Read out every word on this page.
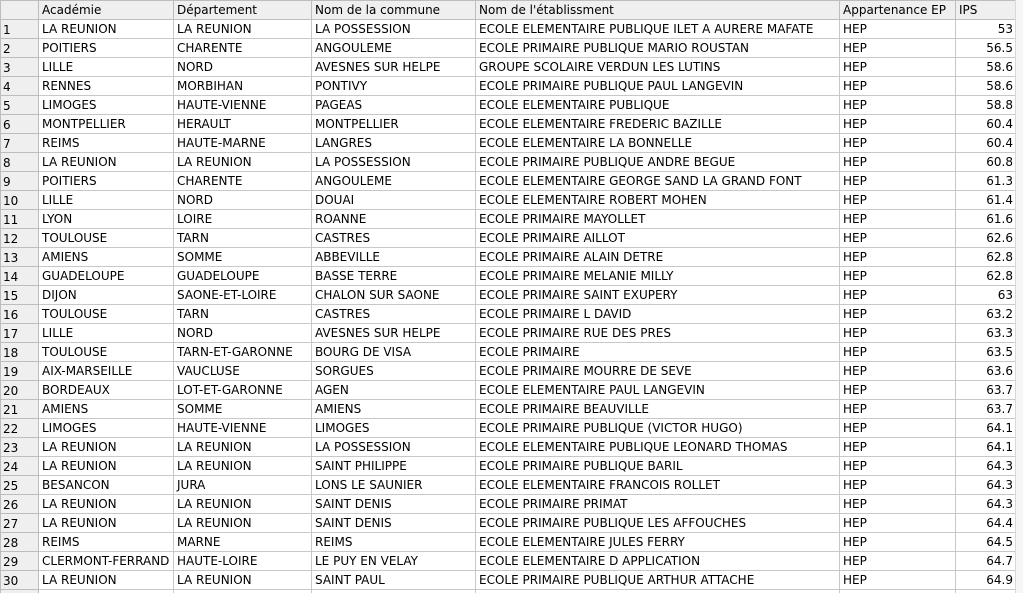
	Académie	Département	Nom de la commune	Nom de l'établissment	Appartenance EP	IPS
1	LA REUNION	LA REUNION	LA POSSESSION	ECOLE ELEMENTAIRE PUBLIQUE ILET A AURERE MAFATE	HEP	53
2	POITIERS	CHARENTE	ANGOULEME	ECOLE PRIMAIRE PUBLIQUE MARIO ROUSTAN	HEP	56.5
3	LILLE	NORD	AVESNES SUR HELPE	GROUPE SCOLAIRE VERDUN LES LUTINS	HEP	58.6
4	RENNES	MORBIHAN	PONTIVY	ECOLE PRIMAIRE PUBLIQUE PAUL LANGEVIN	HEP	58.6
5	LIMOGES	HAUTE-VIENNE	PAGEAS	ECOLE ELEMENTAIRE PUBLIQUE	HEP	58.8
6	MONTPELLIER	HERAULT	MONTPELLIER	ECOLE ELEMENTAIRE FREDERIC BAZILLE	HEP	60.4
7	REIMS	HAUTE-MARNE	LANGRES	ECOLE ELEMENTAIRE LA BONNELLE	HEP	60.4
8	LA REUNION	LA REUNION	LA POSSESSION	ECOLE PRIMAIRE PUBLIQUE ANDRE BEGUE	HEP	60.8
9	POITIERS	CHARENTE	ANGOULEME	ECOLE ELEMENTAIRE GEORGE SAND LA GRAND FONT	HEP	61.3
10	LILLE	NORD	DOUAI	ECOLE ELEMENTAIRE ROBERT MOHEN	HEP	61.4
11	LYON	LOIRE	ROANNE	ECOLE PRIMAIRE MAYOLLET	HEP	61.6
12	TOULOUSE	TARN	CASTRES	ECOLE PRIMAIRE AILLOT	HEP	62.6
13	AMIENS	SOMME	ABBEVILLE	ECOLE PRIMAIRE ALAIN DETRE	HEP	62.8
14	GUADELOUPE	GUADELOUPE	BASSE TERRE	ECOLE PRIMAIRE MELANIE MILLY	HEP	62.8
15	DIJON	SAONE-ET-LOIRE	CHALON SUR SAONE	ECOLE PRIMAIRE SAINT EXUPERY	HEP	63
16	TOULOUSE	TARN	CASTRES	ECOLE PRIMAIRE L DAVID	HEP	63.2
17	LILLE	NORD	AVESNES SUR HELPE	ECOLE PRIMAIRE RUE DES PRES	HEP	63.3
18	TOULOUSE	TARN-ET-GARONNE	BOURG DE VISA	ECOLE PRIMAIRE	HEP	63.5
19	AIX-MARSEILLE	VAUCLUSE	SORGUES	ECOLE PRIMAIRE MOURRE DE SEVE	HEP	63.6
20	BORDEAUX	LOT-ET-GARONNE	AGEN	ECOLE ELEMENTAIRE PAUL LANGEVIN	HEP	63.7
21	AMIENS	SOMME	AMIENS	ECOLE PRIMAIRE BEAUVILLE	HEP	63.7
22	LIMOGES	HAUTE-VIENNE	LIMOGES	ECOLE PRIMAIRE PUBLIQUE (VICTOR HUGO)	HEP	64.1
23	LA REUNION	LA REUNION	LA POSSESSION	ECOLE ELEMENTAIRE PUBLIQUE LEONARD THOMAS	HEP	64.1
24	LA REUNION	LA REUNION	SAINT PHILIPPE	ECOLE PRIMAIRE PUBLIQUE BARIL	HEP	64.3
25	BESANCON	JURA	LONS LE SAUNIER	ECOLE ELEMENTAIRE FRANCOIS ROLLET	HEP	64.3
26	LA REUNION	LA REUNION	SAINT DENIS	ECOLE PRIMAIRE PRIMAT	HEP	64.3
27	LA REUNION	LA REUNION	SAINT DENIS	ECOLE PRIMAIRE PUBLIQUE LES AFFOUCHES	HEP	64.4
28	REIMS	MARNE	REIMS	ECOLE ELEMENTAIRE JULES FERRY	HEP	64.5
29	CLERMONT-FERRAND	HAUTE-LOIRE	LE PUY EN VELAY	ECOLE ELEMENTAIRE D APPLICATION	HEP	64.7
30	LA REUNION	LA REUNION	SAINT PAUL	ECOLE PRIMAIRE PUBLIQUE ARTHUR ATTACHE	HEP	64.9
